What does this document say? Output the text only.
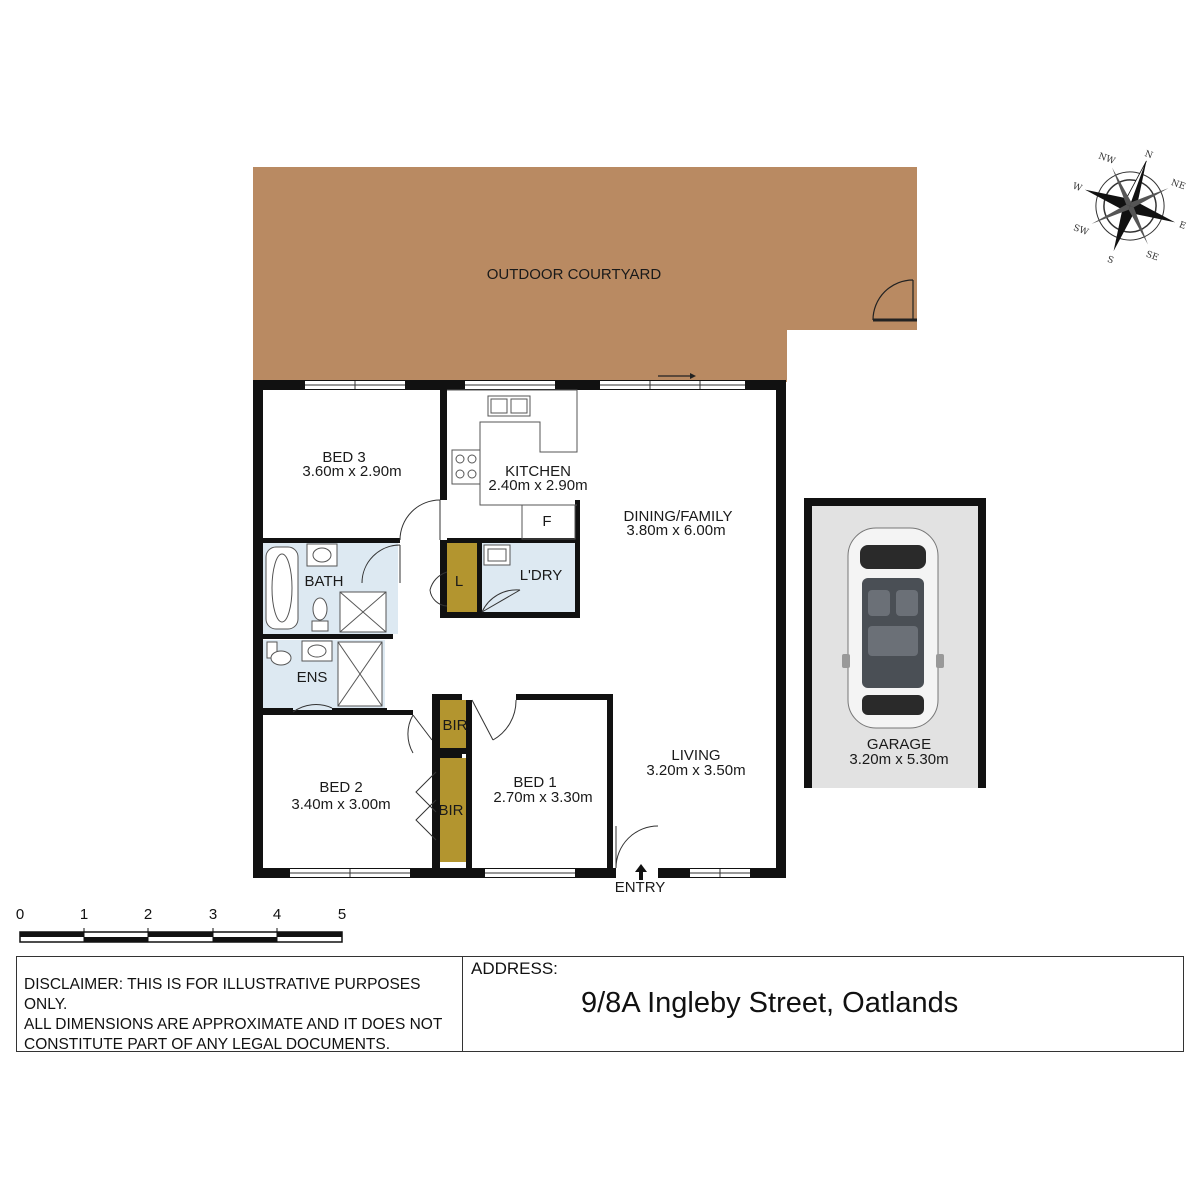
OUTDOOR COURTYARD
N
E
S
W	NE
SE
SW
NW
BED 3
3.60m x 2.90m	KITCHEN
2.40m x 2.90m
F	DINING/FAMILY
3.80m x 6.00m
BATH	L	L'DRY
ENS
BIR
BIR
BED 1
2.70m x 3.30m
BED 2
3.40m x 3.00m
LIVING
3.20m x 3.50m
GARAGE
3.20m x 5.30m
ENTRY
0	1	2	3	4	5
DISCLAIMER: THIS IS FOR ILLUSTRATIVE PURPOSES ONLY.
ALL DIMENSIONS ARE APPROXIMATE AND IT DOES NOT
CONSTITUTE PART OF ANY LEGAL DOCUMENTS.
ADDRESS:
9/8A Ingleby Street, Oatlands
